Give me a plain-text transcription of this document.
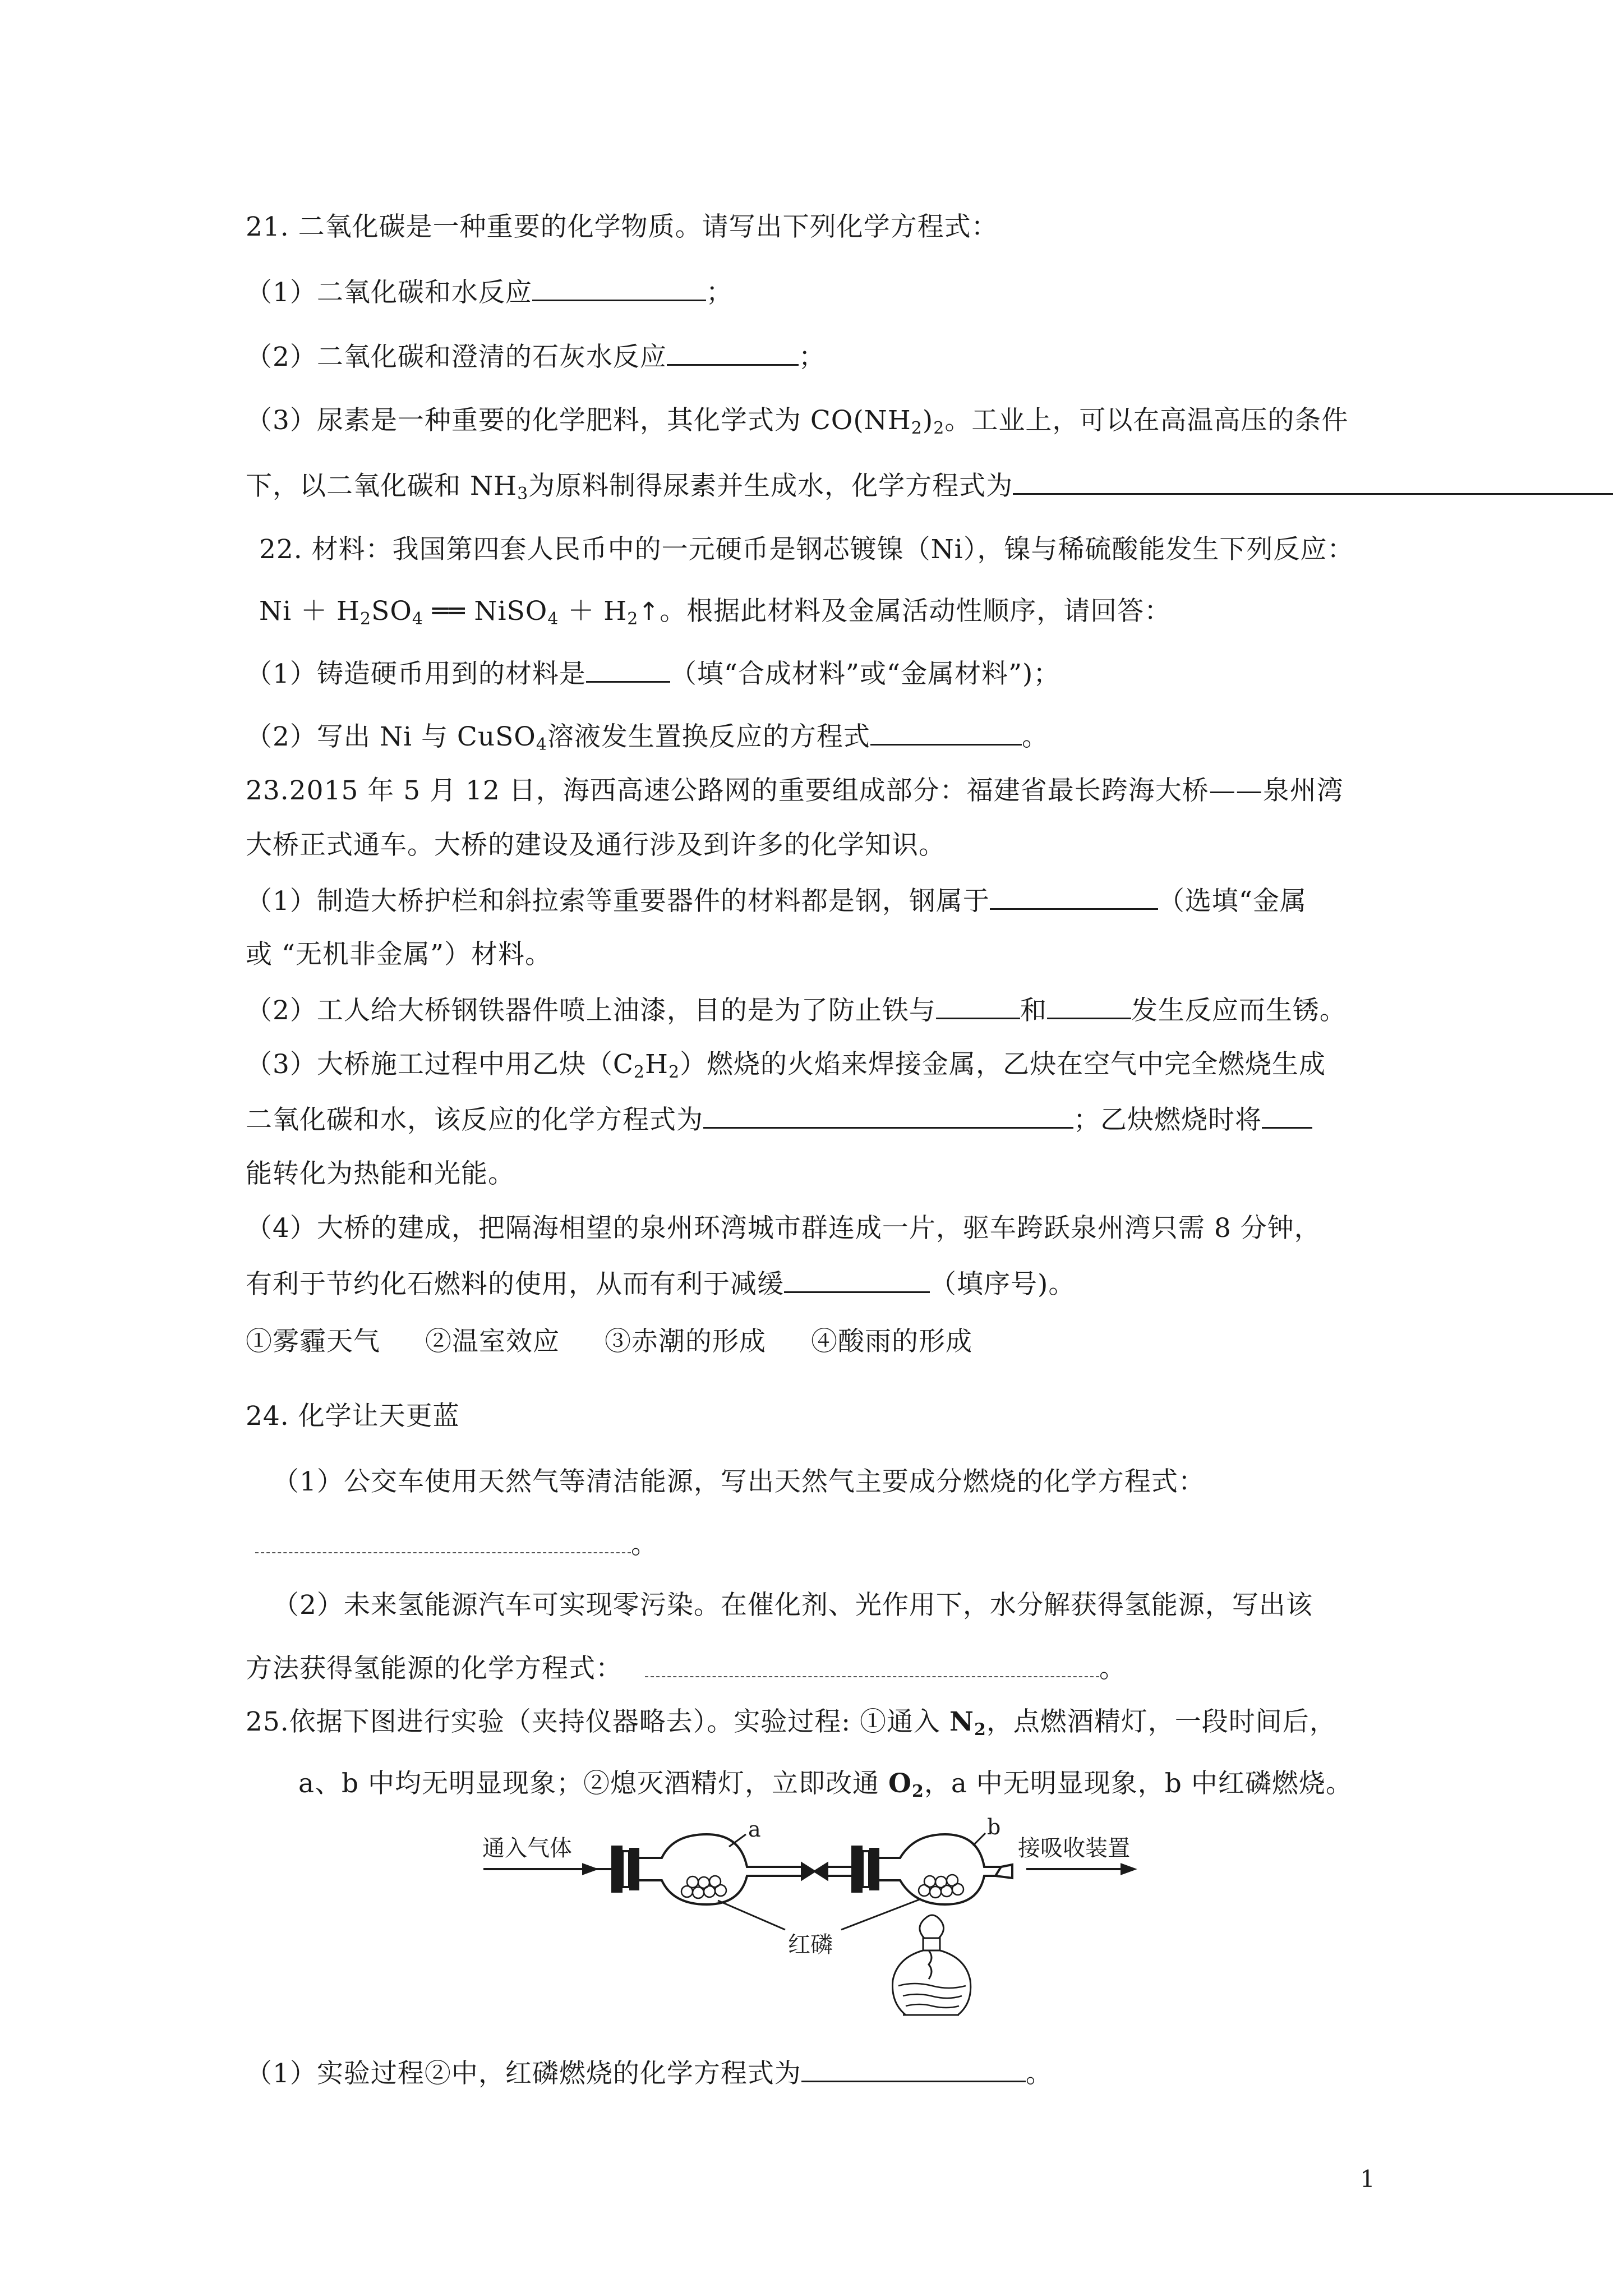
21. 二氧化碳是一种重要的化学物质。请写出下列化学方程式：
（1）二氧化碳和水反应	；
（2）二氧化碳和澄清的石灰水反应	；
（3）尿素是一种重要的化学肥料，其化学式为 $CO(NH_2)_2$。工业上，可以在高温高压的条件
下，以二氧化碳和 $NH_3$为原料制得尿素并生成水，化学方程式为
22. 材料：我国第四套人民币中的一元硬币是钢芯镀镍（Ni），镍与稀硫酸能发生下列反应：
$Ni + H_2SO_4$ ══ NiSO$_4$ ＋ $H_2↑$。根据此材料及金属活动性顺序，请回答：
（1）铸造硬币用到的材料是	（填“合成材料”或“金属材料”)；
（2）写出 Ni 与 CuSO$_4$溶液发生置换反应的方程式	。
23.2015 年 5 月 12 日，海西高速公路网的重要组成部分：福建省最长跨海大桥——泉州湾
大桥正式通车。大桥的建设及通行涉及到许多的化学知识。
（1）制造大桥护栏和斜拉索等重要器件的材料都是钢，钢属于	（选填“金属
或 “无机非金属”）材料。
（2）工人给大桥钢铁器件喷上油漆，目的是为了防止铁与	和	发生反应而生锈。
（3）大桥施工过程中用乙炔$(C_2H_2)$燃烧的火焰来焊接金属，乙炔在空气中完全燃烧生成
二氧化碳和水，该反应的化学方程式为	；乙炔燃烧时将
能转化为热能和光能。
（4）大桥的建成，把隔海相望的泉州环湾城市群连成一片，驱车跨跃泉州湾只需 8 分钟，
有利于节约化石燃料的使用，从而有利于减缓	（填序号)。
①雾霾天气 ②温室效应 ③赤潮的形成 ④酸雨的形成
24. 化学让天更蓝
（1）公交车使用天然气等清洁能源，写出天然气主要成分燃烧的化学方程式：
。
（2）未来氢能源汽车可实现零污染。在催化剂、光作用下，水分解获得氢能源，写出该
方法获得氢能源的化学方程式：	。
25.依据下图进行实验（夹持仪器略去）。实验过程: ①通入 $N_2$，点燃酒精灯，一段时间后，
a、b 中均无明显现象；②熄灭酒精灯，立即改通 $O_2$，a 中无明显现象，b 中红磷燃烧。
通入气体	接吸收装置
a	b
红磷
（1）实验过程②中，红磷燃烧的化学方程式为	。
1
